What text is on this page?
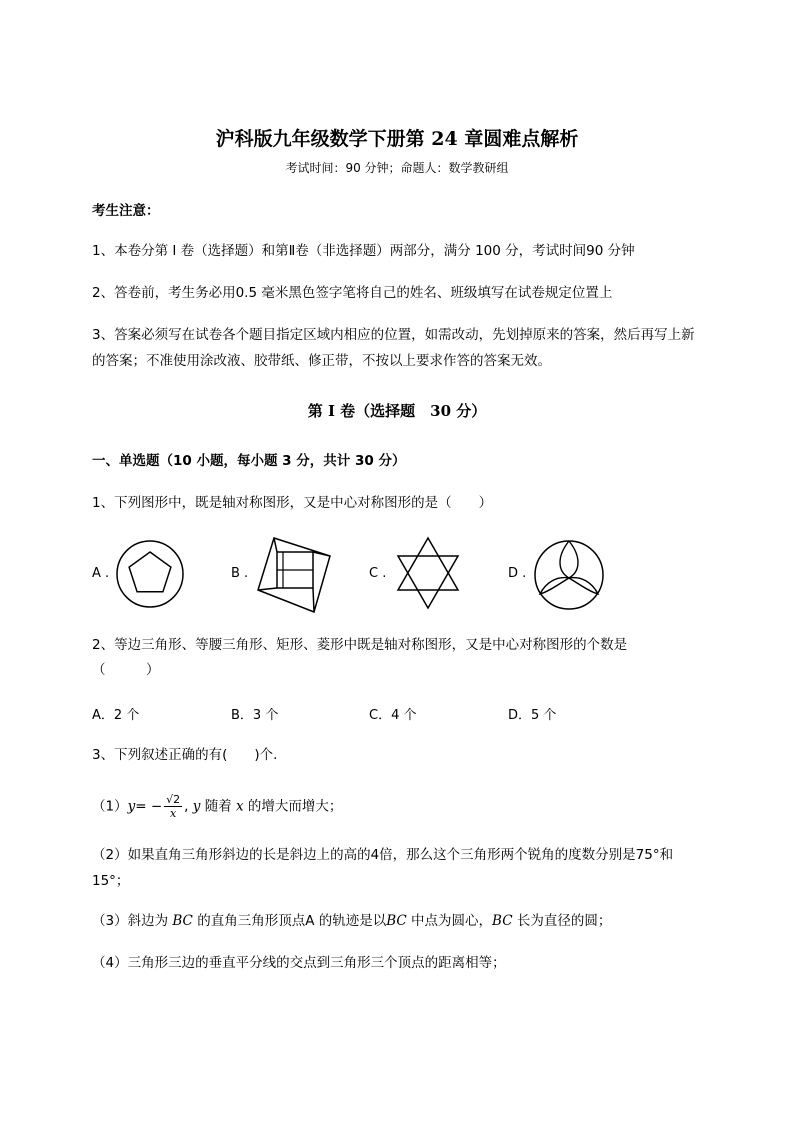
沪科版九年级数学下册第 24 章圆难点解析
考试时间：90 分钟；命题人：数学教研组
考生注意：
1、本卷分第 I 卷（选择题）和第Ⅱ卷（非选择题）两部分，满分 100 分，考试时间90 分钟
2、答卷前，考生务必用0.5 毫米黑色签字笔将自己的姓名、班级填写在试卷规定位置上
3、答案必须写在试卷各个题目指定区域内相应的位置，如需改动，先划掉原来的答案，然后再写上新
的答案；不准使用涂改液、胶带纸、修正带，不按以上要求作答的答案无效。
第 I 卷（选择题　30 分）
一、单选题（10 小题，每小题 3 分，共计 30 分）
1、下列图形中，既是轴对称图形，又是中心对称图形的是（　　）
A .	B .	C .	D .
2、等边三角形、等腰三角形、矩形、菱形中既是轴对称图形，又是中心对称图形的个数是
（　　　）
A．2 个	B．3 个	C．4 个	D．5 个
3、下列叙述正确的有(　　)个.
$(1)y= - \frac{√2}{x}$ , y 随着 x 的增大而增大；
（2）如果直角三角形斜边的长是斜边上的高的4倍，那么这个三角形两个锐角的度数分别是75°和
15°；
（3）斜边为 BC 的直角三角形顶点A 的轨迹是以BC 中点为圆心，BC 长为直径的圆；
（4）三角形三边的垂直平分线的交点到三角形三个顶点的距离相等；
